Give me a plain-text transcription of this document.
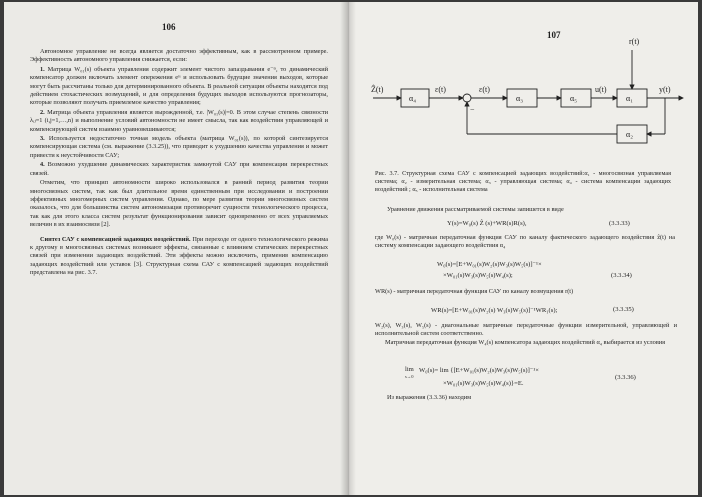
106

Автономное управление не всегда является достаточно эффективным, как в рассмотренном примере. Эффективность автономного управления снижается, если:

1. Матрица W₀₁(s) объекта управления содержит элемент чистого запаздывания e⁻ᵗˢ, то динамический компенсатор должен включать элемент опережения eᵗˢ и использовать будущие значения выходов, которые могут быть рассчитаны только для детерминированного объекта. В реальной ситуации объекты находятся под действием стохастических возмущений, и для определения будущих выходов используются прогнозаторы, которые позволяют получать приемлемое качество управления;

2. Матрица объекта управления является вырожденной, т.е. |W₀₁(s)|=0. В этом случае степень связности λᵢⱼ=1 (i,j=1,…,n) и выполнение условий автономности не имеет смысла, так как воздействия управляющей и компенсирующей систем взаимно уравновешиваются;

3. Используется недостаточно точная модель объекта (матрица W₀₁(s)), по которой синтезируется компенсирующая система (см. выражение (3.3.25)), что приводит к ухудшению качества управления и может привести к неустойчивости САУ;

4. Возможно ухудшение динамических характеристик замкнутой САУ при компенсации перекрестных связей.

Отметим, что принцип автономности широко использовался в ранний период развития теории многосвязных систем, так как был длительное время единственным при исследовании и построении эффективных многомерных систем управления. Однако, по мере развития теории многосвязных систем оказалось, что для большинства систем автономизация противоречит сущности технологического процесса, так как для этого класса систем результат функционирования зависит одновременно от всех управляемых величин в их взаимосвязи [2].

Синтез САУ с компенсацией задающих воздействий. При переходе от одного технологического режима к другому в многосвязных системах возникают эффекты, связанные с влиянием статических перекрестных связей при изменении задающих воздействий. Эти эффекты можно исключить, применив компенсацию задающих воздействий или уставок [3]. Структурная схема САУ с компенсацией задающих воздействий представлена на рис. 3.7.

107
r(t)
Ẑ(t)	ε(t)	ε(t)	u(t)	y(t)
α₄	α₃	α₅	α₁
α₂
−
Рис. 3.7. Структурная схема САУ с компенсацией задающих воздействий:α₁ - многосвязная управляемая система; α₂ - измерительная система; α₃ - управляющая система; α₄ - система компенсации задающих воздействий ; α₅ - исполнительная система
Уравнение движения рассматриваемой системы запишется в виде
Y(s)=W₀(s) Ẑ (s)+WR(s)R(s),	(3.3.33)
где W₀(s) - матричная передаточная функция САУ по каналу фактического задающего воздействия ẑ(t) на систему компенсации задающего воздействия α₄
W₀(s)=[E+W₀₁(s)W₂(s)W₃(s)W₅(s)]⁻¹×
×W₀₁(s)W₃(s)W₅(s)W₄(s);	(3.3.34)
WR(s) - матричная передаточная функция САУ по каналу возмущения r(t)
WR(s)=[E+W₀₁(s)W₂(s) W₃(s)W₅(s)]⁻¹WR₁(s);	(3.3.35)
W₂(s), W₃(s), W₅(s) - диагональные матричные передаточные функции измерительной, управляющей и исполнительной систем соответственно.
Матричная передаточная функция W₄(s) компенсатора задающих воздействий α₄ выбирается из условия
lim
s→0
W₀(s)= lim {[E+W₀₁(s)W₂(s)W₃(s)W₅(s)]⁻¹×
×W₀₁(s)W₃(s)W₅(s)W₄(s)}=E.
(3.3.36)
Из выражения (3.3.36) находим
